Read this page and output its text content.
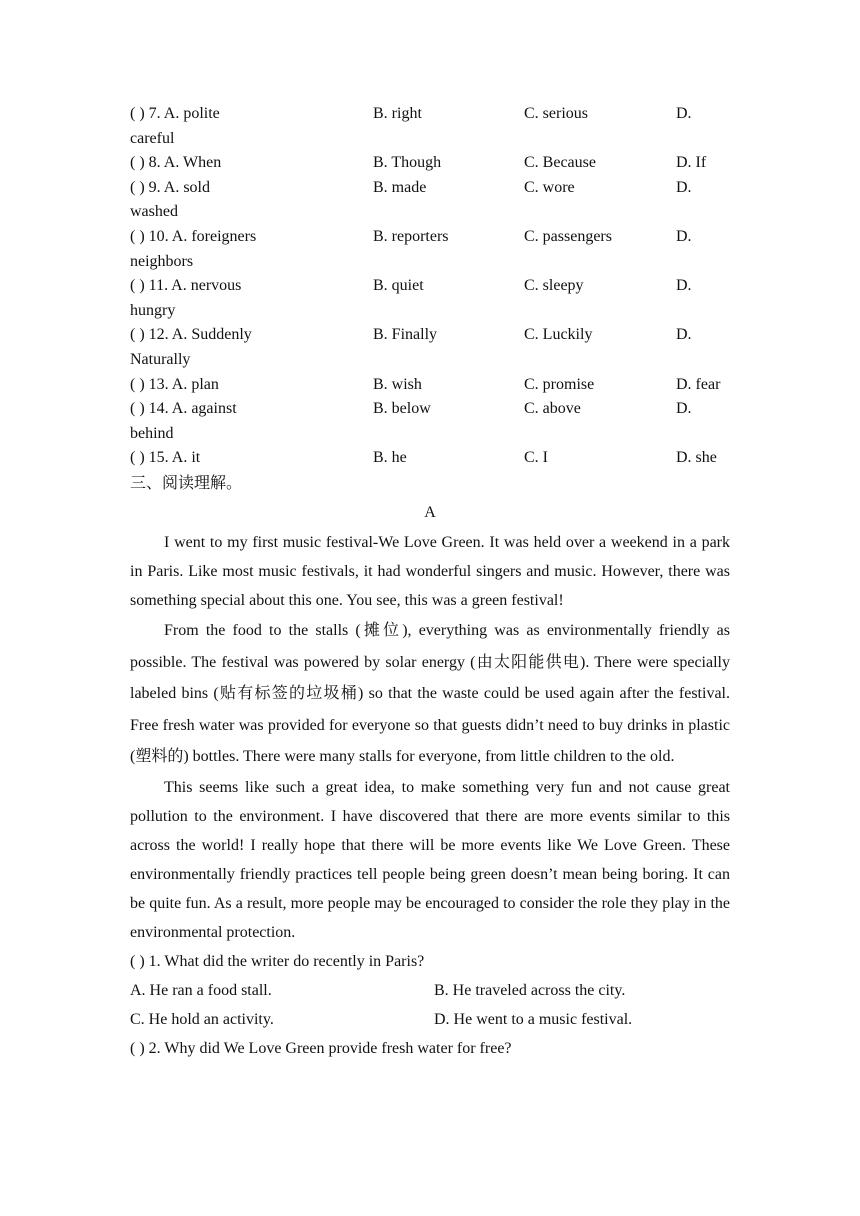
( ) 7. A. polite	B. right	C. serious	D.
careful
( ) 8. A. When	B. Though	C. Because	D. If
( ) 9. A. sold	B. made	C. wore	D.
washed
( ) 10. A. foreigners	B. reporters	C. passengers	D.
neighbors
( ) 11. A. nervous	B. quiet	C. sleepy	D.
hungry
( ) 12. A. Suddenly	B. Finally	C. Luckily	D.
Naturally
( ) 13. A. plan	B. wish	C. promise	D. fear
( ) 14. A. against	B. below	C. above	D.
behind
( ) 15. A. it	B. he	C. I	D. she
三、阅读理解。
A

I went to my first music festival-We Love Green. It was held over a weekend in a park in Paris. Like most music festivals, it had wonderful singers and music. However, there was something special about this one. You see, this was a green festival!

From the food to the stalls (摊位), everything was as environmentally friendly as possible. The festival was powered by solar energy (由太阳能供电). There were specially labeled bins (贴有标签的垃圾桶) so that the waste could be used again after the festival. Free fresh water was provided for everyone so that guests didn’t need to buy drinks in plastic (塑料的) bottles. There were many stalls for everyone, from little children to the old.

This seems like such a great idea, to make something very fun and not cause great pollution to the environment. I have discovered that there are more events similar to this across the world! I really hope that there will be more events like We Love Green. These environmentally friendly practices tell people being green doesn’t mean being boring. It can be quite fun. As a result, more people may be encouraged to consider the role they play in the environmental protection.

( ) 1. What did the writer do recently in Paris?
A. He ran a food stall.	B. He traveled across the city.
C. He hold an activity.	D. He went to a music festival.
( ) 2. Why did We Love Green provide fresh water for free?
